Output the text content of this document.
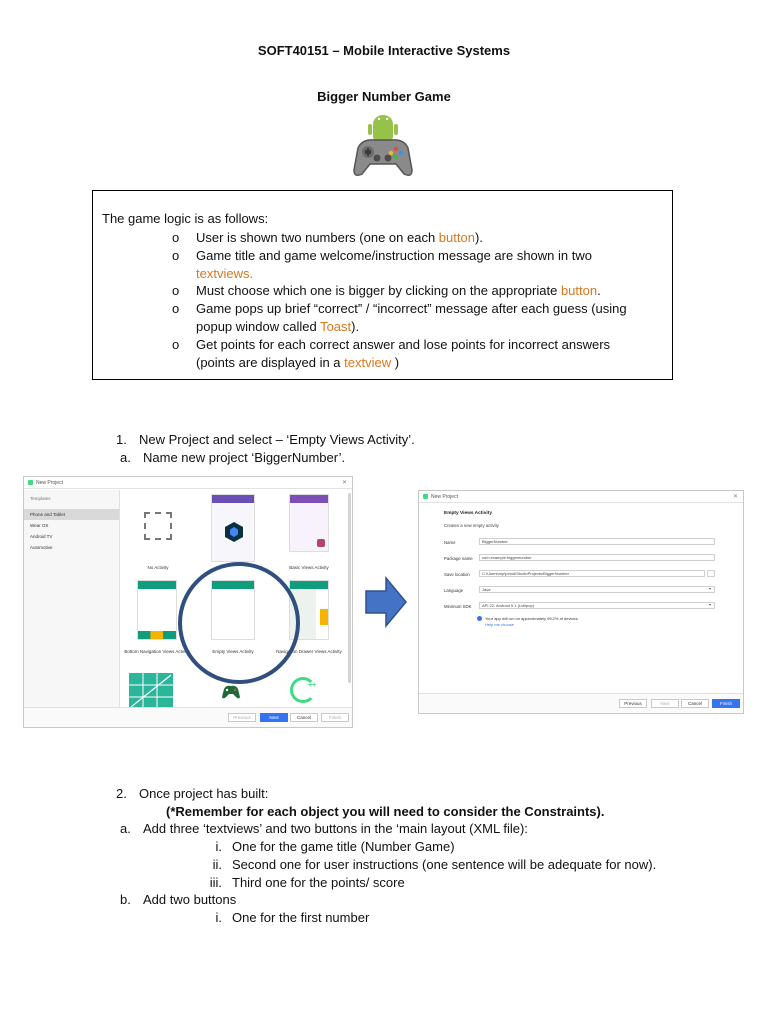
SOFT40151 – Mobile Interactive Systems
Bigger Number Game
The game logic is as follows:
o	User is shown two numbers (one on each button).
o	Game title and game welcome/instruction message are shown in two textviews.
o	Must choose which one is bigger by clicking on the appropriate button.
o	Game pops up brief “correct” / “incorrect” message after each guess (using popup window called Toast).
o	Get points for each correct answer and lose points for incorrect answers (points are displayed in a textview )
1. New Project and select – ‘Empty Views Activity’.
a. Name new project ‘BiggerNumber’.
New Project	✕
Templates
Phone and Tablet
Wear OS
Android TV
Automotive
No Activity	Basic Views Activity
Bottom Navigation Views Activity	Empty Views Activity	Navigation Drawer Views Activity
++
Previous	Next	Cancel	Finish
New Project	✕
Empty Views Activity
Creates a new empty activity
Name	BiggerNumber
Package name	com.example.biggernumber
Save location	C:\Users\mp\johnd\StudioProjects\BiggerNumber
Language	Java	▾
Minimum SDK	API 22: Android 5.1 (Lollipop)	▾
Your app will run on approximately 99.2% of devices.
Help me choose
Previous	Next	Cancel	Finish
2. Once project has built:
(*Remember for each object you will need to consider the Constraints).
a. Add three ‘textviews’ and two buttons in the ‘main layout (XML file):
i. One for the game title (Number Game)
ii. Second one for user instructions (one sentence will be adequate for now).
iii. Third one for the points/ score
b. Add two buttons
i. One for the first number
